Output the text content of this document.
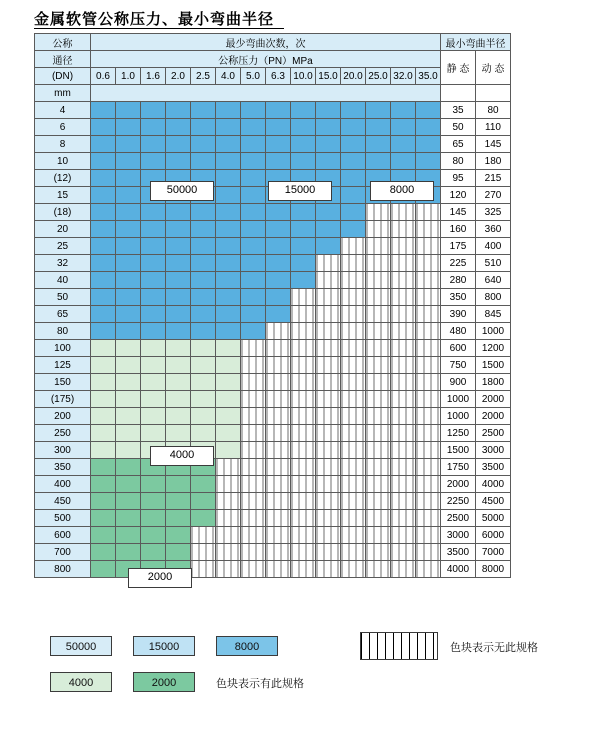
金属软管公称压力、最小弯曲半径
公称	最少弯曲次数，次														最小弯曲半径	
通径	公称压力（PN）MPa														静 态	动 态
(DN)	0.6	1.0	1.6	2.0	2.5	4.0	5.0	6.3	10.0	15.0	20.0	25.0	32.0	35.0		
mm																
4															35	80
6															50	110
8															65	145
10															80	180
(12)															95	215
15															120	270
(18)															145	325
20															160	360
25															175	400
32															225	510
40															280	640
50															350	800
65															390	845
80															480	1000
100															600	1200
125															750	1500
150															900	1800
(175)															1000	2000
200															1000	2000
250															1250	2500
300															1500	3000
350															1750	3500
400															2000	4000
450															2250	4500
500															2500	5000
600															3000	6000
700															3500	7000
800															4000	8000
50000	15000	8000
4000
2000
50000	15000	8000	色块表示无此规格
4000	2000	色块表示有此规格
